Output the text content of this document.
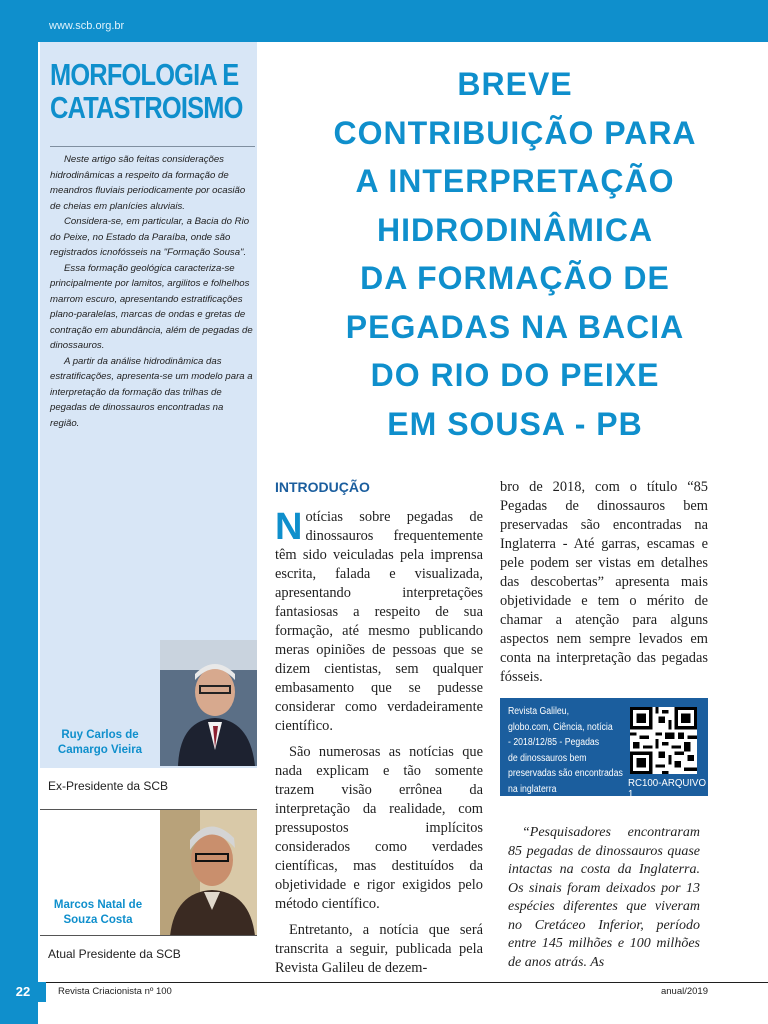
www.scb.org.br
MORFOLOGIA E
CATASTROISMO

Neste artigo são feitas considerações hidrodinâmicas a respeito da formação de meandros fluviais periodicamente por ocasião de cheias em planícies aluviais.

Considera-se, em particular, a Bacia do Rio do Peixe, no Estado da Paraíba, onde são registrados icnofósseis na "Formação Sousa".

Essa formação geológica caracteriza-se principalmente por lamitos, argilitos e folhelhos marrom escuro, apresentando estratificações plano-paralelas, marcas de ondas e gretas de contração em abundância, além de pegadas de dinossauros.

A partir da análise hidrodinâmica das estratificações, apresenta-se um modelo para a interpretação da formação das trilhas de pegadas de dinossauros encontradas na região.

Ruy Carlos de
Camargo Vieira
Ex-Presidente da SCB
Marcos Natal de
Souza Costa
Atual Presidente da SCB
BREVE
CONTRIBUIÇÃO PARA
A INTERPRETAÇÃO
HIDRODINÂMICA
DA FORMAÇÃO DE
PEGADAS NA BACIA
DO RIO DO PEIXE
EM SOUSA - PB
INTRODUÇÃO

Notícias sobre pegadas de dinossauros frequentemente têm sido veiculadas pela imprensa escrita, falada e visualizada, apresentando interpretações fantasiosas a respeito de sua formação, até mesmo publicando meras opiniões de pessoas que se dizem cientistas, sem qualquer embasamento que se pudesse considerar como verdadeiramente científico.

São numerosas as notícias que nada explicam e tão somente trazem visão errônea da interpretação da realidade, com pressupostos implícitos considerados como verdades científicas, mas destituídos da objetividade e rigor exigidos pelo método científico.

Entretanto, a notícia que será transcrita a seguir, publicada pela Revista Galileu de dezem-

bro de 2018, com o título “85 Pegadas de dinossauros bem preservadas são encontradas na Inglaterra - Até garras, escamas e pele podem ser vistas em detalhes das descobertas” apresenta mais objetividade e tem o mérito de chamar a atenção para alguns aspectos nem sempre levados em conta na interpretação das pegadas fósseis.

Revista Galileu,
globo.com, Ciência, notícia
- 2018/12/85 - Pegadas
de dinossauros bem
preservadas são encontradas
na inglaterra	RC100-ARQUIVO 1

“Pesquisadores encontraram 85 pegadas de dinossauros quase intactas na costa da Inglaterra. Os sinais foram deixados por 13 espécies diferentes que viveram no Cretáceo Inferior, período entre 145 milhões e 100 milhões de anos atrás. As

22	Revista Criacionista nº 100	anual/2019
